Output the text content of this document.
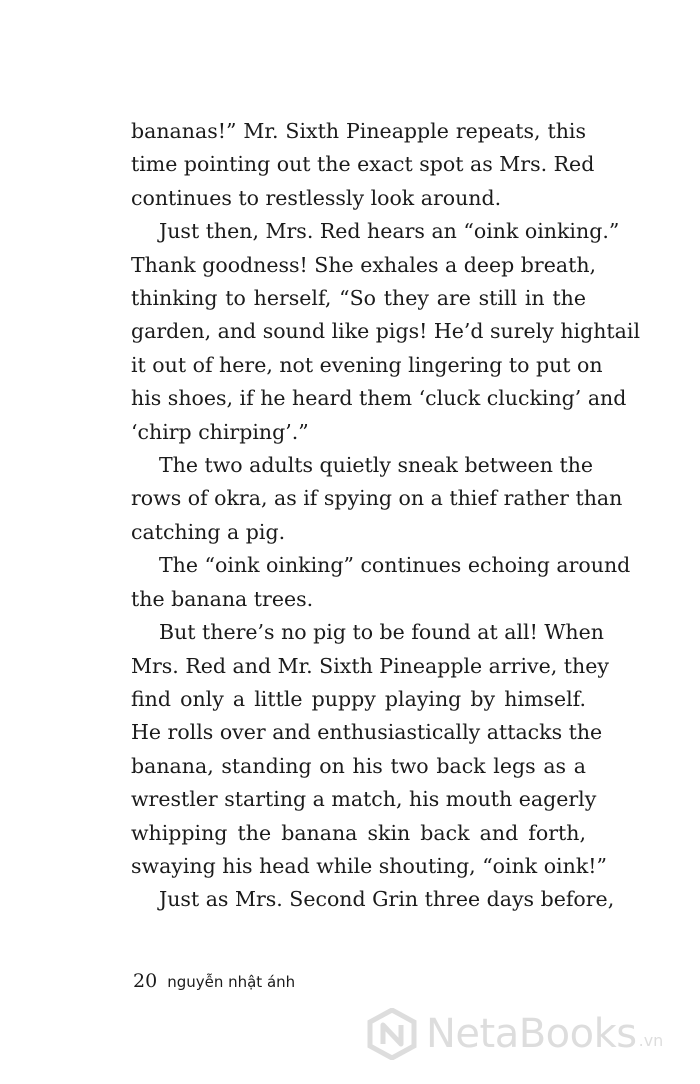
bananas!” Mr. Sixth Pineapple repeats, this
time pointing out the exact spot as Mrs. Red
continues to restlessly look around.
Just then, Mrs. Red hears an “oink oinking.”
Thank goodness! She exhales a deep breath,
thinking to herself, “So they are still in the
garden, and sound like pigs! He’d surely hightail
it out of here, not evening lingering to put on
his shoes, if he heard them ‘cluck clucking’ and
‘chirp chirping’.”
The two adults quietly sneak between the
rows of okra, as if spying on a thief rather than
catching a pig.
The “oink oinking” continues echoing around
the banana trees.
But there’s no pig to be found at all! When
Mrs. Red and Mr. Sixth Pineapple arrive, they
find only a little puppy playing by himself.
He rolls over and enthusiastically attacks the
banana, standing on his two back legs as a
wrestler starting a match, his mouth eagerly
whipping the banana skin back and forth,
swaying his head while shouting, “oink oink!”
Just as Mrs. Second Grin three days before,
20 nguyễn nhật ánh
NetaBooks .vn
